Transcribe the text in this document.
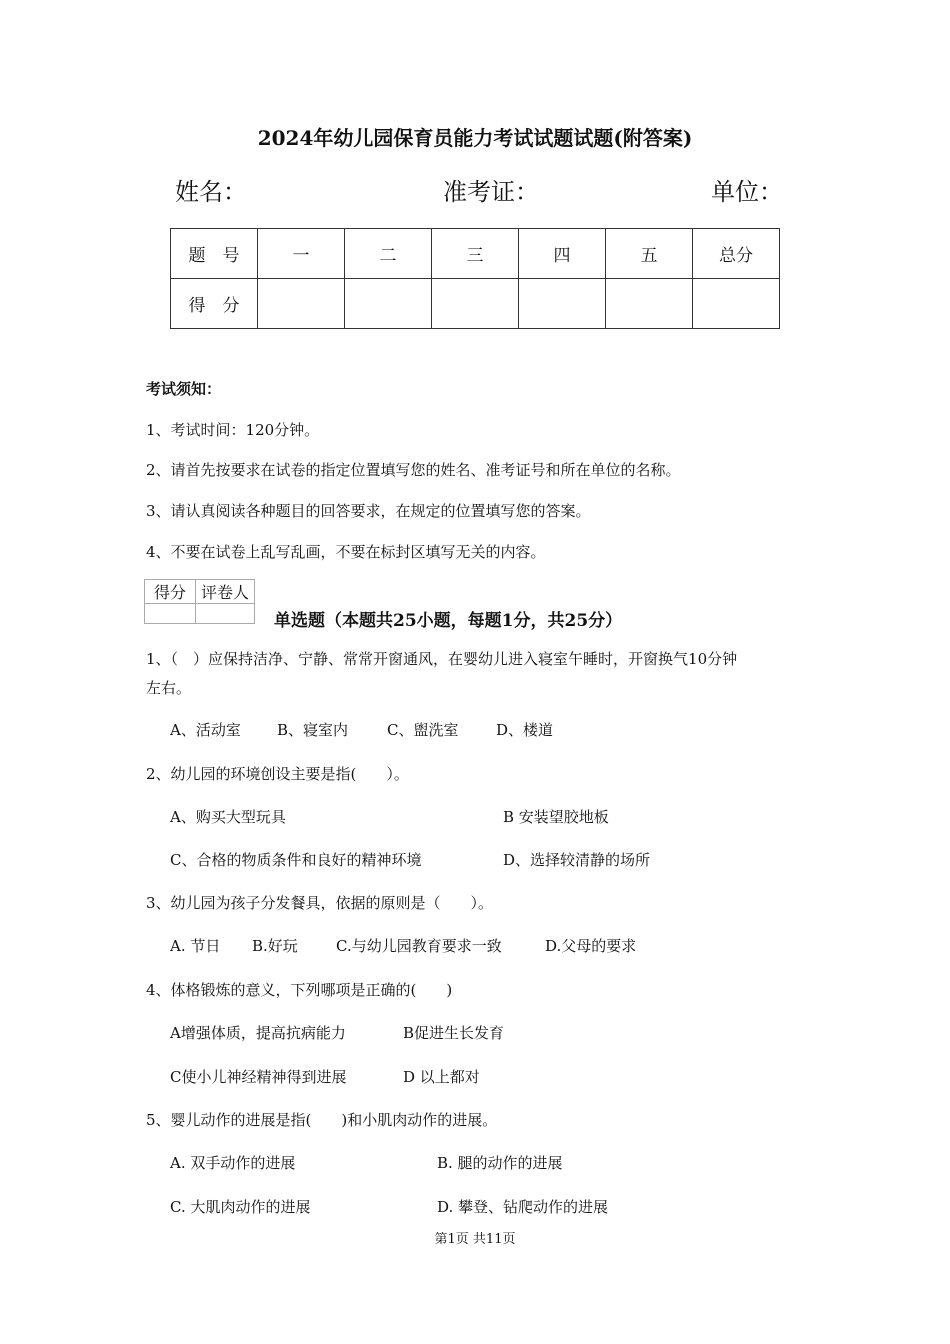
2024年幼儿园保育员能力考试试题试题(附答案)
姓名：	准考证：	单位：
题　号	一	二	三	四	五	总分
得　分						
考试须知：
1、考试时间：120分钟。
2、请首先按要求在试卷的指定位置填写您的姓名、准考证号和所在单位的名称。
3、请认真阅读各种题目的回答要求，在规定的位置填写您的答案。
4、不要在试卷上乱写乱画，不要在标封区填写无关的内容。
得分	评卷人

单选题（本题共25小题，每题1分，共25分）
1、（　）应保持洁净、宁静、常常开窗通风，在婴幼儿进入寝室午睡时，开窗换气10分钟
左右。
A、活动室 B、寝室内	C、盥洗室	D、楼道
2、幼儿园的环境创设主要是指(　　）。
A、购买大型玩具	B 安装望胶地板
C、合格的物质条件和良好的精神环境	D、选择较清静的场所
3、幼儿园为孩子分发餐具，依据的原则是（　　）。
A. 节日 B.好玩	C.与幼儿园教育要求一致	D.父母的要求
4、体格锻炼的意义，下列哪项是正确的(　　)
A增强体质，提高抗病能力	B促进生长发育
C使小儿神经精神得到进展	D 以上都对
5、婴儿动作的进展是指(　　)和小肌肉动作的进展。
A. 双手动作的进展	B. 腿的动作的进展
C. 大肌肉动作的进展	D. 攀登、钻爬动作的进展
第1页 共11页
